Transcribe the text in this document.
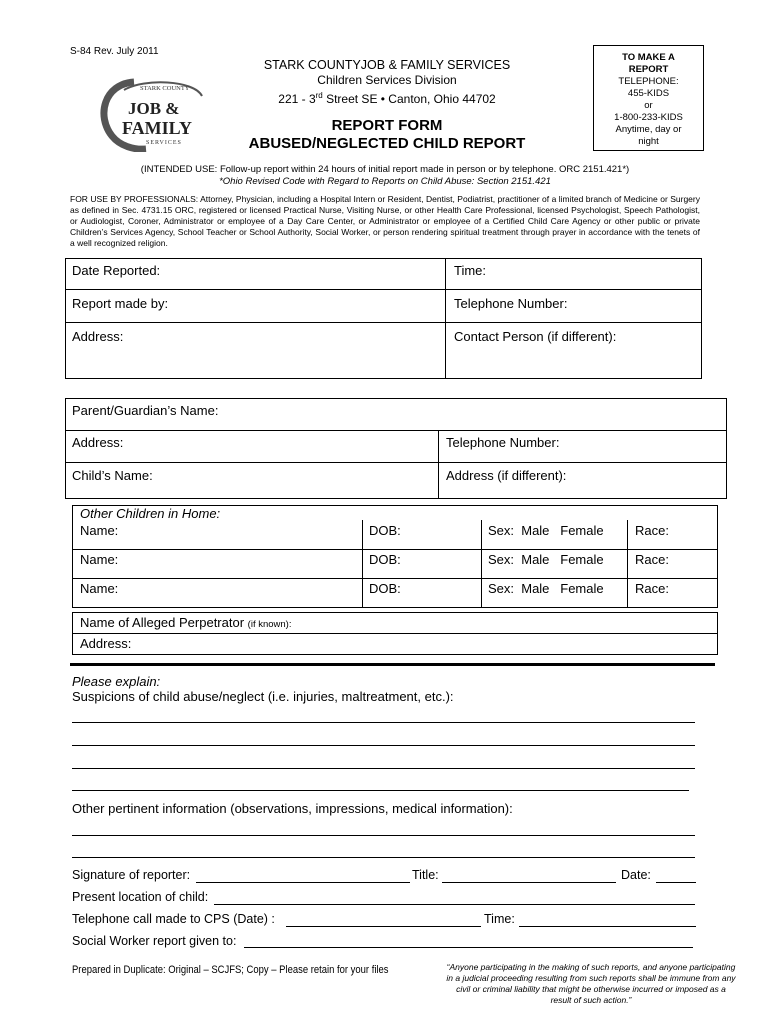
S-84 Rev. July 2011
STARK COUNTY
JOB &
FAMILY
SERVICES
STARK COUNTYJOB & FAMILY SERVICES
Children Services Division
221 - 3rd Street SE • Canton, Ohio 44702
REPORT FORM
ABUSED/NEGLECTED CHILD REPORT
TO MAKE A
REPORT
TELEPHONE:
455-KIDS
or
1-800-233-KIDS
Anytime, day or
night
(INTENDED USE: Follow-up report within 24 hours of initial report made in person or by telephone. ORC 2151.421*)
*Ohio Revised Code with Regard to Reports on Child Abuse: Section 2151.421
FOR USE BY PROFESSIONALS: Attorney, Physician, including a Hospital Intern or Resident, Dentist, Podiatrist, practitioner of a limited branch of Medicine or Surgery as defined in Sec. 4731.15 ORC, registered or licensed Practical Nurse, Visiting Nurse, or other Health Care Professional, licensed Psychologist, Speech Pathologist, or Audiologist, Coroner, Administrator or employee of a Day Care Center, or Administrator or employee of a Certified Child Care Agency or other public or private Children’s Services Agency, School Teacher or School Authority, Social Worker, or person rendering spiritual treatment through prayer in accordance with the tenets of a well recognized religion.
Date Reported:	Time:
Report made by:	Telephone Number:
Address:	Contact Person (if different):
Parent/Guardian’s Name:
Address:	Telephone Number:
Child’s Name:	Address (if different):
Other Children in Home:
Name:	DOB:	Sex:  Male   Female Race:
Name:	DOB:	Sex:  Male   Female Race:
Name:	DOB:	Sex:  Male   Female Race:
Name of Alleged Perpetrator (if known):
Address:
Please explain:
Suspicions of child abuse/neglect (i.e. injuries, maltreatment, etc.):
Other pertinent information (observations, impressions, medical information):
Signature of reporter:	Title:	Date:
Present location of child:
Telephone call made to CPS (Date) :	Time:
Social Worker report given to:
Prepared in Duplicate: Original – SCJFS; Copy – Please retain for your files	“Anyone participating in the making of such reports, and anyone participating in a judicial proceeding resulting from such reports shall be immune from any civil or criminal liability that might be otherwise incurred or imposed as a result of such action.”
